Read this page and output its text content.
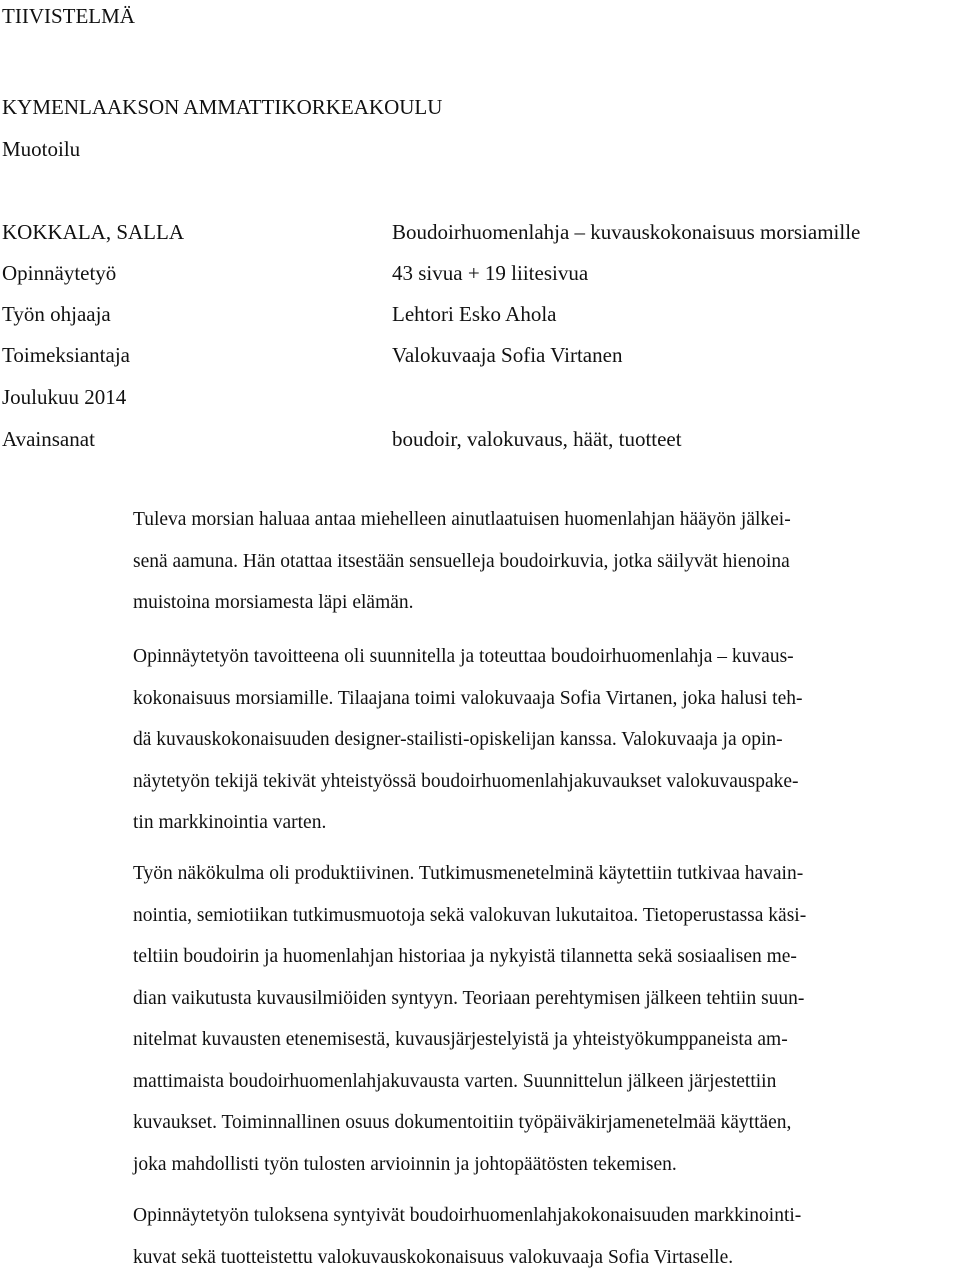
TIIVISTELMÄ
KYMENLAAKSON AMMATTIKORKEAKOULU
Muotoilu
KOKKALA, SALLA	Boudoirhuomenlahja – kuvauskokonaisuus morsiamille
Opinnäytetyö	43 sivua + 19 liitesivua
Työn ohjaaja	Lehtori Esko Ahola
Toimeksiantaja	Valokuvaaja Sofia Virtanen
Joulukuu 2014
Avainsanat	boudoir, valokuvaus, häät, tuotteet

Tuleva morsian haluaa antaa miehelleen ainutlaatuisen huomenlahjan hääyön jälkei-
senä aamuna. Hän otattaa itsestään sensuelleja boudoirkuvia, jotka säilyvät hienoina
muistoina morsiamesta läpi elämän.

Opinnäytetyön tavoitteena oli suunnitella ja toteuttaa boudoirhuomenlahja – kuvaus-
kokonaisuus morsiamille. Tilaajana toimi valokuvaaja Sofia Virtanen, joka halusi teh-
dä kuvauskokonaisuuden designer-stailisti-opiskelijan kanssa. Valokuvaaja ja opin-
näytetyön tekijä tekivät yhteistyössä boudoirhuomenlahjakuvaukset valokuvauspake-
tin markkinointia varten.

Työn näkökulma oli produktiivinen. Tutkimusmenetelminä käytettiin tutkivaa havain-
nointia, semiotiikan tutkimusmuotoja sekä valokuvan lukutaitoa. Tietoperustassa käsi-
teltiin boudoirin ja huomenlahjan historiaa ja nykyistä tilannetta sekä sosiaalisen me-
dian vaikutusta kuvausilmiöiden syntyyn. Teoriaan perehtymisen jälkeen tehtiin suun-
nitelmat kuvausten etenemisestä, kuvausjärjestelyistä ja yhteistyökumppaneista am-
mattimaista boudoirhuomenlahjakuvausta varten. Suunnittelun jälkeen järjestettiin
kuvaukset. Toiminnallinen osuus dokumentoitiin työpäiväkirjamenetelmää käyttäen,
joka mahdollisti työn tulosten arvioinnin ja johtopäätösten tekemisen.

Opinnäytetyön tuloksena syntyivät boudoirhuomenlahjakokonaisuuden markkinointi-
kuvat sekä tuotteistettu valokuvauskokonaisuus valokuvaaja Sofia Virtaselle.
